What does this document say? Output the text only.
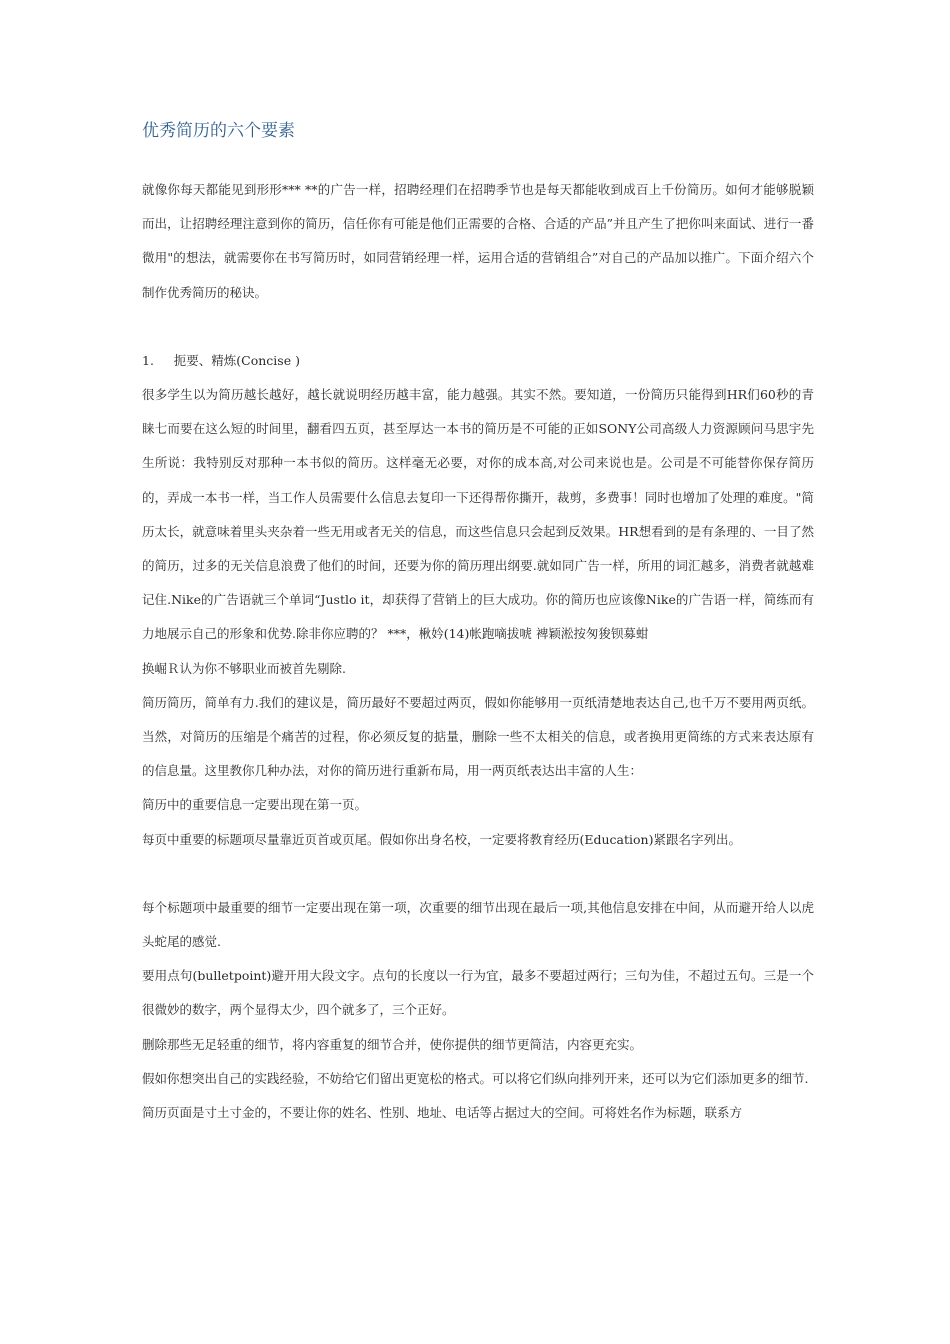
优秀简历的六个要素

就像你每天都能见到形形*** **的广告一样，招聘经理们在招聘季节也是每天都能收到成百上千份简历。如何才能够脱颖而出，让招聘经理注意到你的简历，信任你有可能是他们正需要的合格、合适的产品”并且产生了把你叫来面试、进行一番微用"的想法，就需要你在书写简历时，如同营销经理一样，运用合适的营销组合”对自己的产品加以推广。下面介绍六个制作优秀简历的秘诀。

1.     扼要、精炼(Concise )

很多学生以为简历越长越好，越长就说明经历越丰富，能力越强。其实不然。要知道，一份简历只能得到HR们60秒的青睐七而要在这么短的时间里，翻看四五页，甚至厚达一本书的简历是不可能的正如SONY公司高级人力资源顾问马思宇先生所说：我特别反对那种一本书似的简历。这样毫无必要，对你的成本高,对公司来说也是。公司是不可能替你保存简历的，弄成一本书一样，当工作人员需要什么信息去复印一下还得帮你撕开，裁剪，多费事！同时也增加了处理的难度。"简历太长，就意味着里头夹杂着一些无用或者无关的信息，而这些信息只会起到反效果。HR想看到的是有条理的、一目了然的简历，过多的无关信息浪费了他们的时间，还要为你的简历理出纲要.就如同广告一样，所用的词汇越多，消费者就越难记住.Nike的广告语就三个单词“Justlo it，却获得了营销上的巨大成功。你的简历也应该像Nike的广告语一样，简练而有力地展示自己的形象和优势.除非你应聘的？ ***，楸妗(14)帐跑嘀拔唬 裨颖淞按匆狻钡募蚶

换崛Ｒ认为你不够职业而被首先剔除.

简历简历，简单有力.我们的建议是，简历最好不要超过两页，假如你能够用一页纸清楚地表达自己,也千万不要用两页纸。当然，对简历的压缩是个痛苦的过程，你必须反复的掂量，删除一些不太相关的信息，或者换用更简练的方式来表达原有的信息量。这里教你几种办法，对你的简历进行重新布局，用一两页纸表达出丰富的人生：

简历中的重要信息一定要出现在第一页。

每页中重要的标题项尽量靠近页首或页尾。假如你出身名校，一定要将教育经历(Education)紧跟名字列出。

每个标题项中最重要的细节一定要出现在第一项，次重要的细节出现在最后一项,其他信息安排在中间，从而避开给人以虎头蛇尾的感觉.

要用点句(bulletpoint)避开用大段文字。点句的长度以一行为宜，最多不要超过两行；三句为佳，不超过五句。三是一个很微妙的数字，两个显得太少，四个就多了，三个正好。

删除那些无足轻重的细节，将内容重复的细节合并，使你提供的细节更简洁，内容更充实。

假如你想突出自己的实践经验，不妨给它们留出更宽松的格式。可以将它们纵向排列开来，还可以为它们添加更多的细节.

简历页面是寸土寸金的，不要让你的姓名、性别、地址、电话等占据过大的空间。可将姓名作为标题，联系方
